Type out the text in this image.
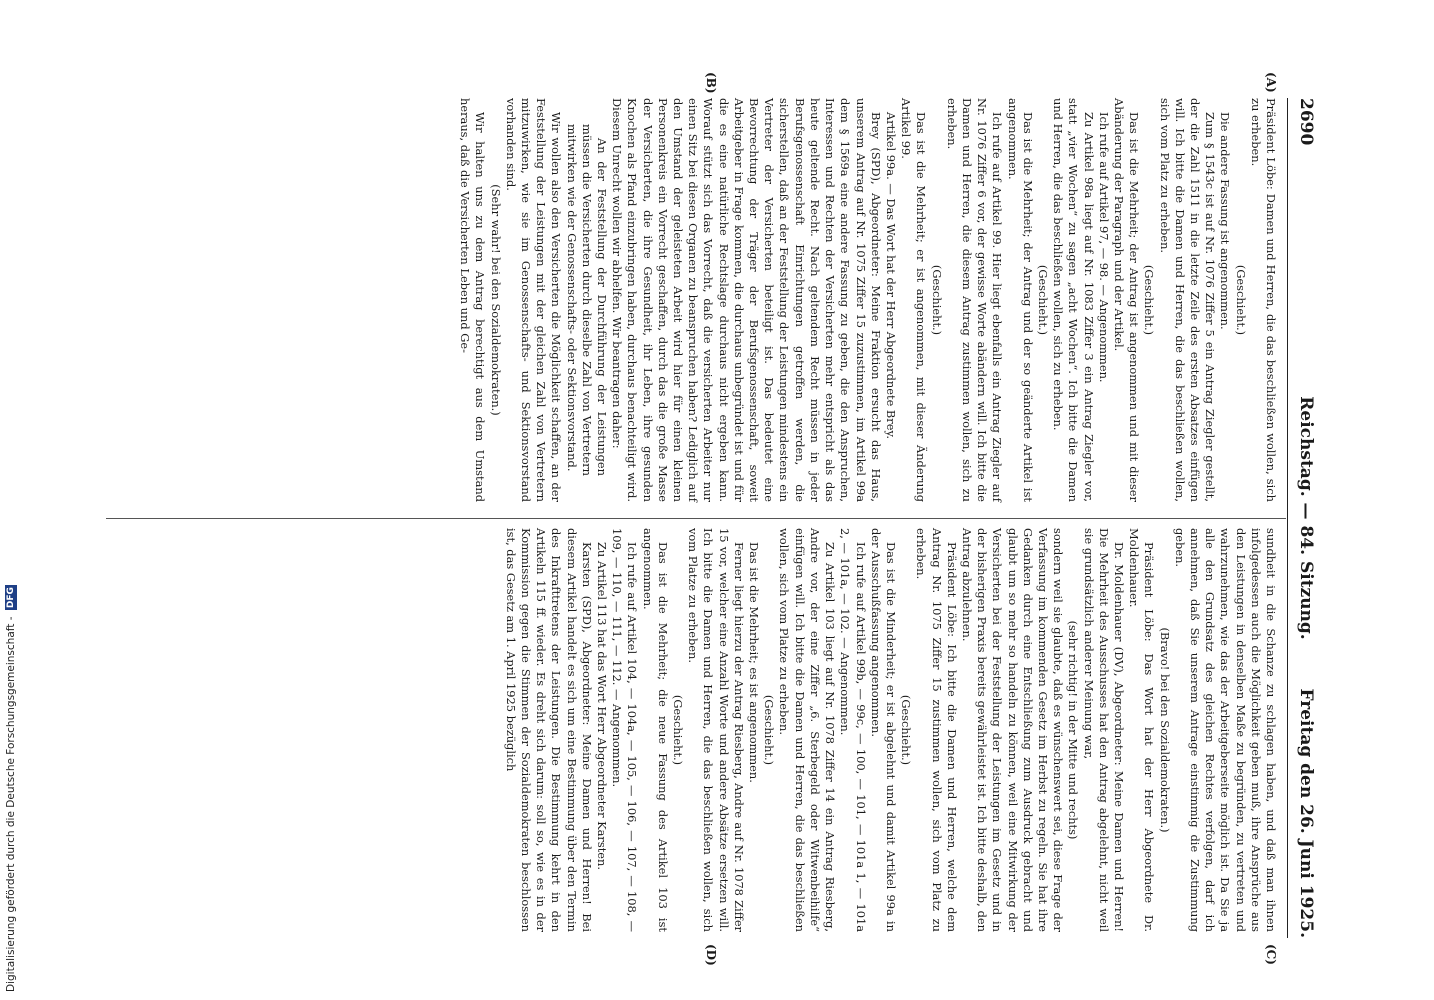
2690
Reichstag. — 84. Sitzung.
Freitag den 26. Juni 1925.
(A)
(B)
(C)
(D)

Präsident Löbe: Damen und Herren, die das beschließen wollen, sich zu erheben.

(Geschieht.)

Die andere Fassung ist angenommen.

Zum § 1543c ist auf Nr. 1076 Ziffer 5 ein Antrag Ziegler gestellt, der die Zahl 1511 in die letzte Zeile des ersten Absatzes einfügen will. Ich bitte die Damen und Herren, die das beschließen wollen, sich vom Platz zu erheben.

(Geschieht.)

Das ist die Mehrheit; der Antrag ist angenommen und mit dieser Abänderung der Paragraph und der Artikel.

Ich rufe auf Artikel 97, — 98. — Angenommen.

Zu Artikel 98a liegt auf Nr. 1083 Ziffer 3 ein Antrag Ziegler vor, statt „vier Wochen“ zu sagen „acht Wochen“. Ich bitte die Damen und Herren, die das beschließen wollen, sich zu erheben.

(Geschieht.)

Das ist die Mehrheit; der Antrag und der so geänderte Artikel ist angenommen.

Ich rufe auf Artikel 99. Hier liegt ebenfalls ein Antrag Ziegler auf Nr. 1076 Ziffer 6 vor, der gewisse Worte abändern will. Ich bitte die Damen und Herren, die diesem Antrag zustimmen wollen, sich zu erheben.

(Geschieht.)

Das ist die Mehrheit; er ist angenommen, mit dieser Änderung Artikel 99.

Artikel 99a. — Das Wort hat der Herr Abgeordnete Brey.

Brey (SPD), Abgeordneter: Meine Fraktion ersucht das Haus, unserem Antrag auf Nr. 1075 Ziffer 15 zuzustimmen, im Artikel 99a dem § 1569a eine andere Fassung zu geben, die den Anspruchen, Interessen und Rechten der Versicherten mehr entspricht als das heute geltende Recht. Nach geltendem Recht müssen in jeder Berufsgenossenschaft Einrichtungen getroffen werden, die sicherstellen, daß an der Feststellung der Leistungen mindestens ein Vertreter der Versicherten beteiligt ist. Das bedeutet eine Bevorrechtung der Träger der Berufsgenossenschaft, soweit Arbeitgeber in Frage kommen, die durchaus unbegründet ist und für die es eine natürliche Rechtslage durchaus nicht ergeben kann. Worauf stützt sich das Vorrecht, daß die versicherten Arbeiter nur einen Sitz bei diesen Organen zu beanspruchen haben? Lediglich auf den Umstand der geleisteten Arbeit wird hier für einen kleinen Personenkreis ein Vorrecht geschaffen, durch das die große Masse der Versicherten, die ihre Gesundheit, ihr Leben, ihre gesunden Knochen als Pfand einzubringen haben, durchaus benachteiligt wird. Diesem Unrecht wollen wir abhelfen. Wir beantragen daher:

An der Feststellung der Durchführung der Leistungen müssen die Versicherten durch dieselbe Zahl von Vertretern mitwirken wie der Genossenschafts- oder Sektionsvorstand.

Wir wollen also den Versicherten die Möglichkeit schaffen, an der Feststellung der Leistungen mit der gleichen Zahl von Vertretern mitzuwirken, wie sie im Genossenschafts- und Sektionsvorstand vorhanden sind.

(Sehr wahr! bei den Sozialdemokraten.)

Wir halten uns zu dem Antrag berechtigt aus dem Umstand heraus, daß die Versicherten Leben und Ge-

sundheit in die Schanze zu schlagen haben, und daß man ihnen infolgedessen auch die Möglichkeit geben muß, ihre Ansprüche aus den Leistungen in denselben Maße zu begründen, zu vertreten und wahrzunehmen, wie das der Arbeitgeberseite möglich ist. Da Sie ja alle den Grundsatz des gleichen Rechtes verfolgen, darf ich annehmen, daß Sie unserem Antrage einstimmig die Zustimmung geben.

(Bravo! bei den Sozialdemokraten.)

Präsident Löbe: Das Wort hat der Herr Abgeordnete Dr. Moldenhauer.

Dr. Moldenhauer (DV), Abgeordneter: Meine Damen und Herren! Die Mehrheit des Ausschusses hat den Antrag abgelehnt, nicht weil sie grundsätzlich anderer Meinung war,

(sehr richtig! in der Mitte und rechts)

sondern weil sie glaubte, daß es wünschenswert sei, diese Frage der Verfassung im kommenden Gesetz im Herbst zu regeln. Sie hat ihre Gedanken durch eine Entschließung zum Ausdruck gebracht und glaubt um so mehr so handeln zu können, weil eine Mitwirkung der Versicherten bei der Feststellung der Leistungen im Gesetz und in der bisherigen Praxis bereits gewährleistet ist. Ich bitte deshalb, den Antrag abzulehnen.

Präsident Löbe: Ich bitte die Damen und Herren, welche dem Antrag Nr. 1075 Ziffer 15 zustimmen wollen, sich vom Platz zu erheben.

(Geschieht.)

Das ist die Minderheit; er ist abgelehnt und damit Artikel 99a in der Ausschußfassung angenommen.

Ich rufe auf Artikel 99b, — 99c, — 100, — 101, — 101a 1, — 101a 2, — 101a, — 102. — Angenommen.

Zu Artikel 103 liegt auf Nr. 1078 Ziffer 14 ein Antrag Riesberg, Andre vor, der eine Ziffer „6. Sterbegeld oder Witwenbeihilfe“ einfügen will. Ich bitte die Damen und Herren, die das beschließen wollen, sich vom Platze zu erheben.

(Geschieht.)

Das ist die Mehrheit; es ist angenommen.

Ferner liegt hierzu der Antrag Riesberg, Andre auf Nr. 1078 Ziffer 15 vor, welcher eine Anzahl Worte und andere Absätze ersetzen will. Ich bitte die Damen und Herren, die das beschließen wollen, sich vom Platze zu erheben.

(Geschieht.)

Das ist die Mehrheit; die neue Fassung des Artikel 103 ist angenommen.

Ich rufe auf Artikel 104, — 104a, — 105, — 106, — 107, — 108, — 109, — 110, — 111, — 112. — Angenommen.

Zu Artikel 113 hat das Wort Herr Abgeordneter Karsten.

Karsten (SPD), Abgeordneter: Meine Damen und Herren! Bei diesem Artikel handelt es sich um eine Bestimmung über den Termin des Inkrafttretens der Leistungen. Die Bestimmung kehrt in den Artikeln 115 ff. wieder. Es dreht sich darum: soll so, wie es in der Kommission gegen die Stimmen der Sozialdemokraten beschlossen ist, das Gesetz am 1. April 1925 bezüglich

Digitalisierung gefördert durch die Deutsche Forschungsgemeinschaft - DFG
